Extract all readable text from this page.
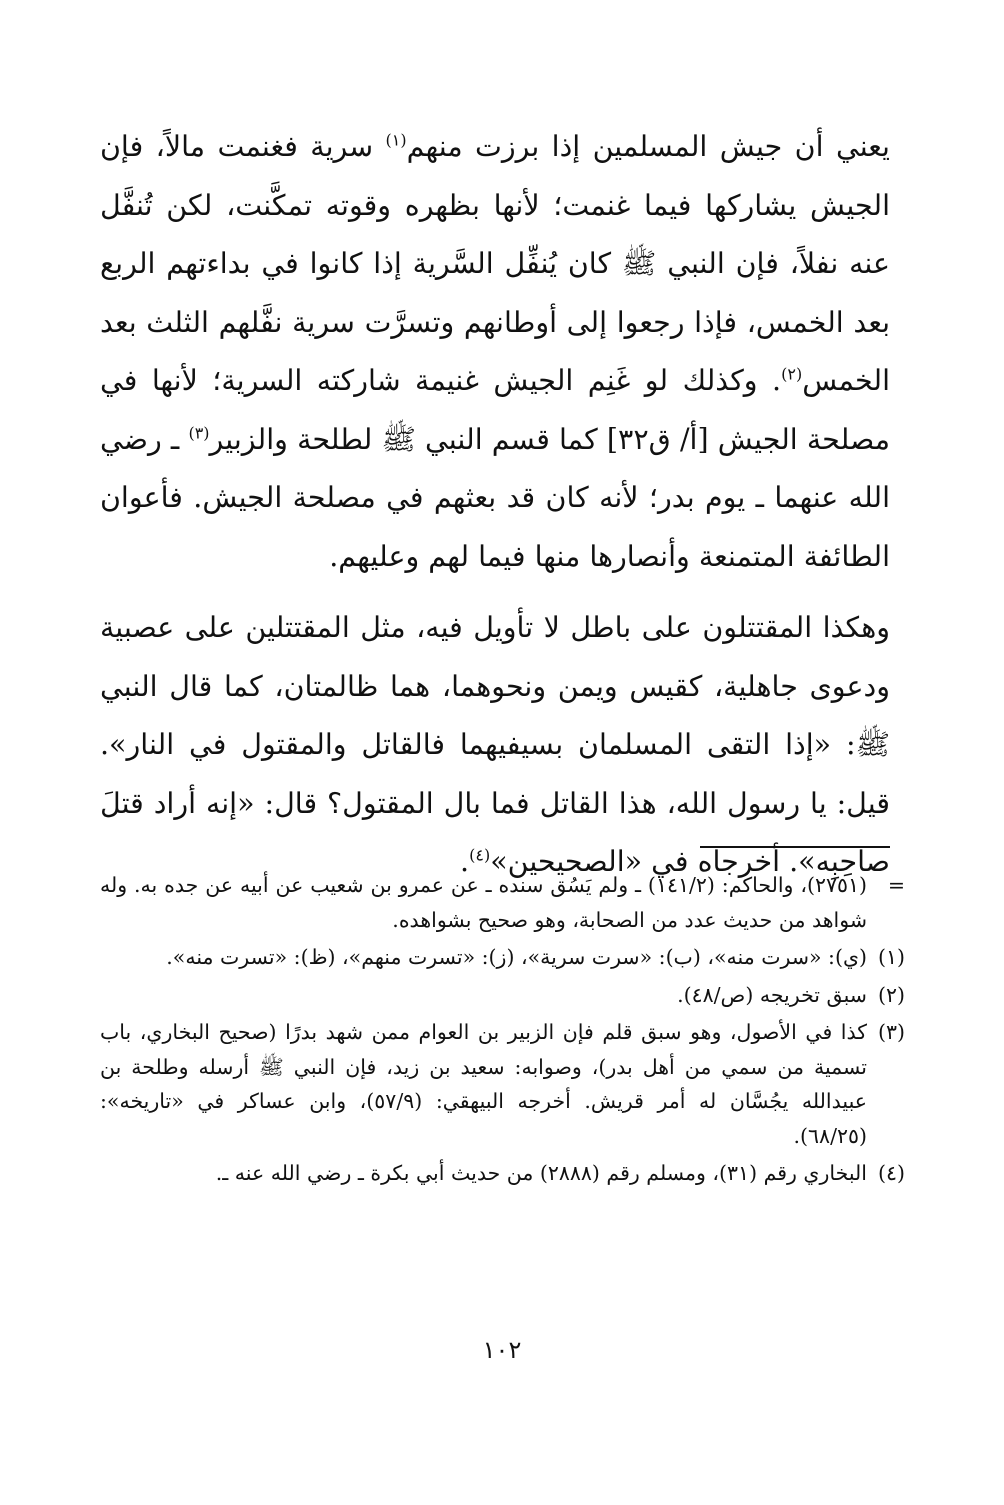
يعني أن جيش المسلمين إذا برزت منهم$^{(١)}$ سرية فغنمت مالاً، فإن الجيش يشاركها فيما غنمت؛ لأنها بظهره وقوته تمكَّنت، لكن تُنفَّل عنه نفلاً، فإن النبي ﷺ كان يُنفِّل السَّرية إذا كانوا في بداءتهم الربع بعد الخمس، فإذا رجعوا إلى أوطانهم وتسرَّت سرية نفَّلهم الثلث بعد الخمس$^{(٢)}$. وكذلك لو غَنِم الجيش غنيمة شاركته السرية؛ لأنها في مصلحة الجيش [أ/ ق٣٢] كما قسم النبي ﷺ لطلحة والزبير$^{(٣)}$ ـ رضي الله عنهما ـ يوم بدر؛ لأنه كان قد بعثهم في مصلحة الجيش. فأعوان الطائفة المتمنعة وأنصارها منها فيما لهم وعليهم.

وهكذا المقتتلون على باطل لا تأويل فيه، مثل المقتتلين على عصبية ودعوى جاهلية، كقيس ويمن ونحوهما، هما ظالمتان، كما قال النبي ﷺ: «إذا التقى المسلمان بسيفيهما فالقاتل والمقتول في النار». قيل: يا رسول الله، هذا القاتل فما بال المقتول؟ قال: «إنه أراد قتلَ صاحِبِه». أخرجاه في «الصحيحين»$^{(٤)}$.

=
(٢٧٥١)، والحاكم: (١٤١/٢) ـ ولم يَسُق سنده ـ عن عمرو بن شعيب عن أبيه عن جده به. وله شواهد من حديث عدد من الصحابة، وهو صحيح بشواهده.
(١)
(ي): «سرت منه»، (ب): «سرت سرية»، (ز): «تسرت منهم»، (ظ): «تسرت منه».
(٢)
سبق تخريجه (ص/٤٨).
(٣)
كذا في الأصول، وهو سبق قلم فإن الزبير بن العوام ممن شهد بدرًا (صحيح البخاري، باب تسمية من سمي من أهل بدر)، وصوابه: سعيد بن زيد، فإن النبي ﷺ أرسله وطلحة بن عبيدالله يجُسَّان له أمر قريش. أخرجه البيهقي: (٥٧/٩)، وابن عساكر في «تاريخه»: (٦٨/٢٥).
(٤)
البخاري رقم (٣١)، ومسلم رقم (٢٨٨٨) من حديث أبي بكرة ـ رضي الله عنه ـ.
١٠٢
